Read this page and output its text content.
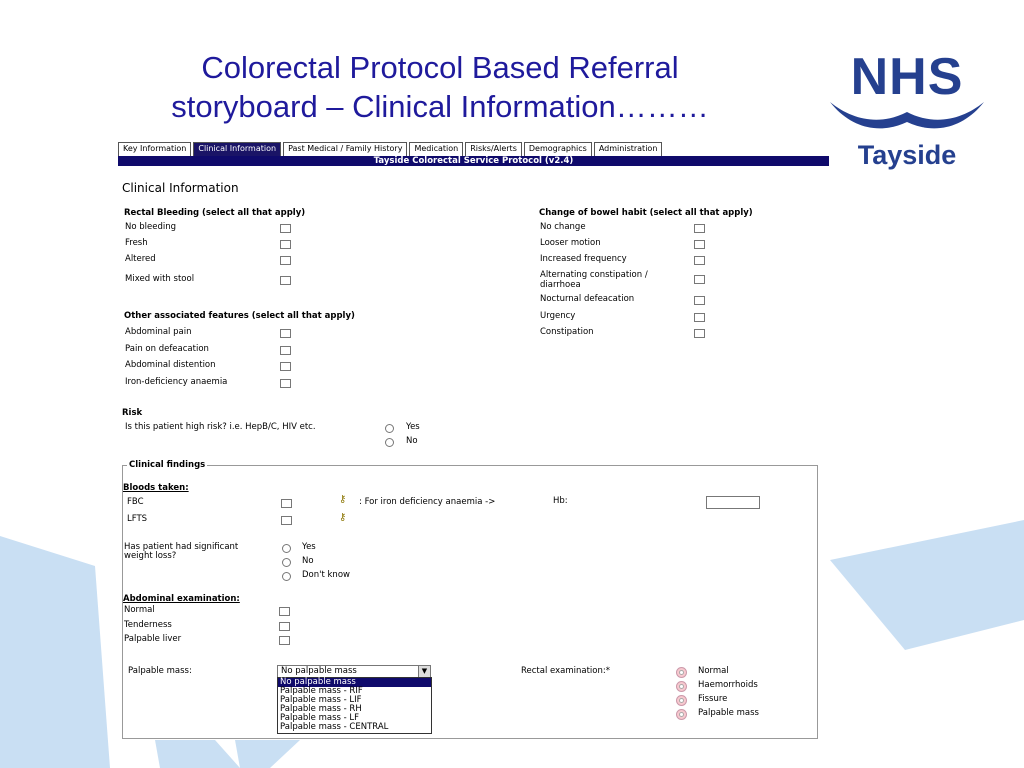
Colorectal Protocol Based Referral
storyboard – Clinical Information………
NHS
Tayside
Key Information	Clinical Information	Past Medical / Family History	Medication	Risks/Alerts	Demographics	Administration
Tayside Colorectal Service Protocol (v2.4)
Clinical Information
Rectal Bleeding (select all that apply)
No bleeding
Fresh
Altered
Mixed with stool
Change of bowel habit (select all that apply)
No change
Looser motion
Increased frequency
Alternating constipation /
diarrhoea
Nocturnal defeacation
Urgency
Constipation
Other associated features (select all that apply)
Abdominal pain
Pain on defeacation
Abdominal distention
Iron-deficiency anaemia
Risk
Is this patient high risk? i.e. HepB/C, HIV etc.	Yes
No
Clinical findings
Bloods taken:
FBC	⚷	: For iron deficiency anaemia ->	Hb:
LFTS	⚷
Has patient had significant
weight loss?
Yes
No
Don't know
Abdominal examination:
Normal
Tenderness
Palpable liver
Palpable mass:	No palpable mass	▼
No palpable mass
Palpable mass - RIF
Palpable mass - LIF
Palpable mass - RH
Palpable mass - LF
Palpable mass - CENTRAL
Rectal examination:*	Normal
Haemorrhoids
Fissure
Palpable mass
